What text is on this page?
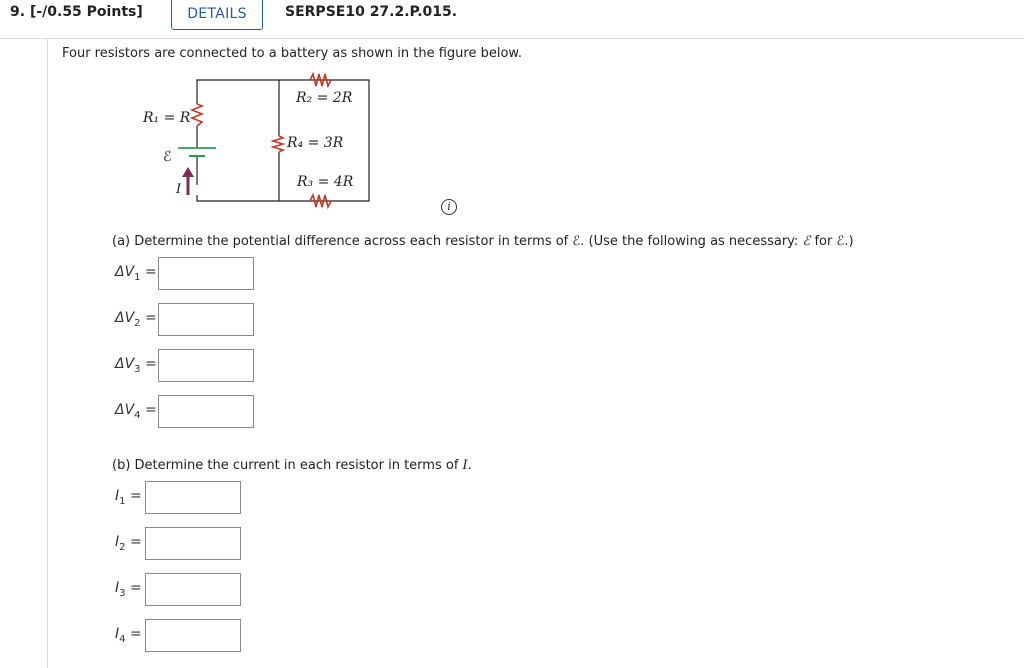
9. [-/0.55 Points]	DETAILS	SERPSE10 27.2.P.015.
Four resistors are connected to a battery as shown in the figure below.
R₁ = R
R₂ = 2R
R₄ = 3R
R₃ = 4R
ℰ
I
i
(a) Determine the potential difference across each resistor in terms of ℰ. (Use the following as necessary: ℰ for ℰ.)
$\Delta V_1$ =
$\Delta V_2$ =
$\Delta V_3$ =
$\Delta V_4$ =
(b) Determine the current in each resistor in terms of I.
$I_1$ =
$I_2$ =
$I_3$ =
$I_4$ =
